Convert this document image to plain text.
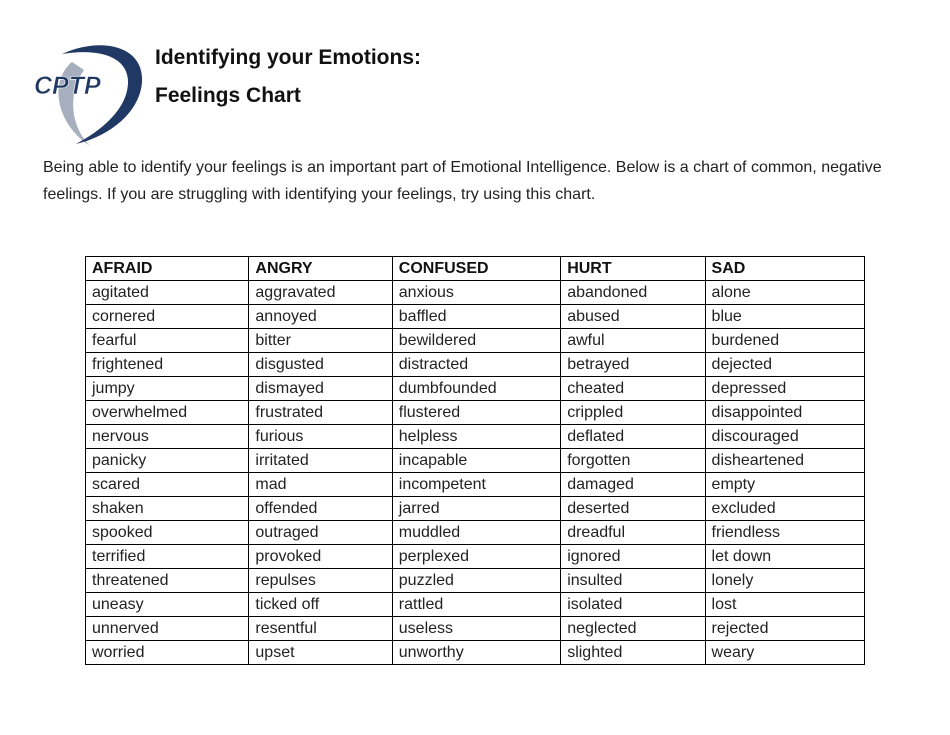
CPTP
Identifying your Emotions:
Feelings Chart
Being able to identify your feelings is an important part of Emotional Intelligence. Below is a chart of common, negative feelings. If you are struggling with identifying your feelings, try using this chart.
AFRAID	ANGRY	CONFUSED	HURT	SAD
agitated	aggravated	anxious	abandoned	alone
cornered	annoyed	baffled	abused	blue
fearful	bitter	bewildered	awful	burdened
frightened	disgusted	distracted	betrayed	dejected
jumpy	dismayed	dumbfounded	cheated	depressed
overwhelmed	frustrated	flustered	crippled	disappointed
nervous	furious	helpless	deflated	discouraged
panicky	irritated	incapable	forgotten	disheartened
scared	mad	incompetent	damaged	empty
shaken	offended	jarred	deserted	excluded
spooked	outraged	muddled	dreadful	friendless
terrified	provoked	perplexed	ignored	let down
threatened	repulses	puzzled	insulted	lonely
uneasy	ticked off	rattled	isolated	lost
unnerved	resentful	useless	neglected	rejected
worried	upset	unworthy	slighted	weary
